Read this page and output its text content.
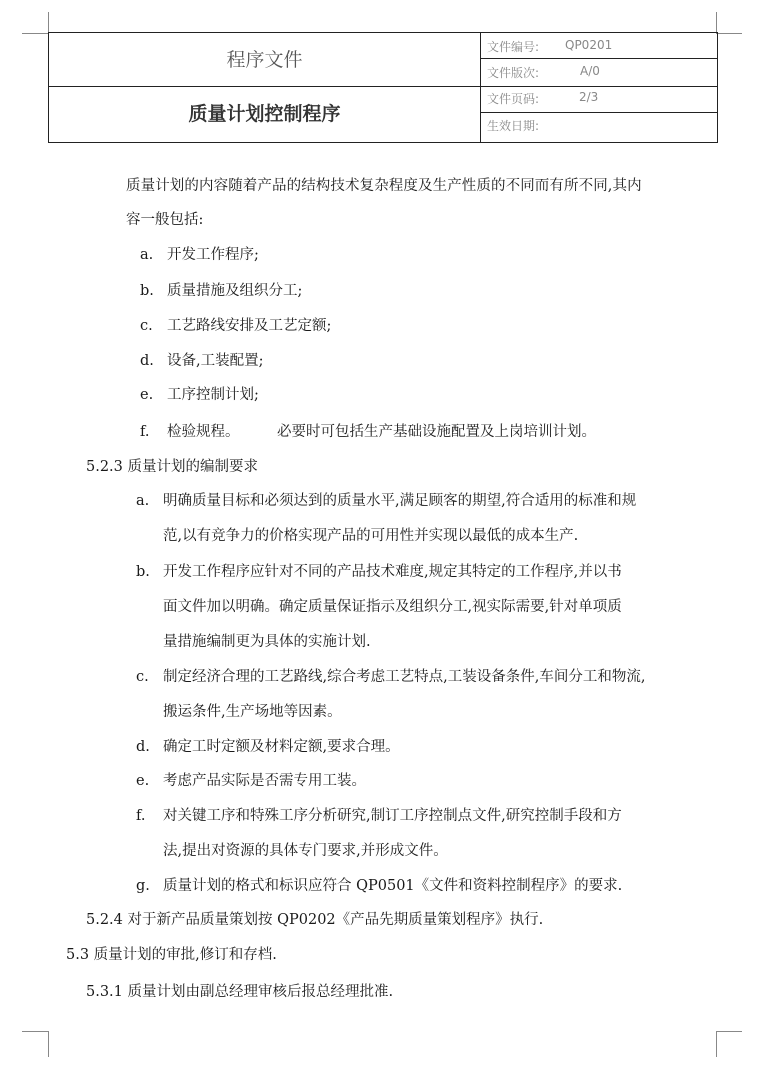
程序文件
质量计划控制程序
文件编号: QP0201
文件版次:	A/0
文件页码:	2/3
生效日期:
质量计划的内容随着产品的结构技术复杂程度及生产性质的不同而有所不同,其内
容一般包括:
a. 开发工作程序;
b. 质量措施及组织分工;
c. 工艺路线安排及工艺定额;
d. 设备,工装配置;
e. 工序控制计划;
f. 检验规程。	必要时可包括生产基础设施配置及上岗培训计划。
5.2.3 质量计划的编制要求
a. 明确质量目标和必须达到的质量水平,满足顾客的期望,符合适用的标准和规
范,以有竞争力的价格实现产品的可用性并实现以最低的成本生产.
b. 开发工作程序应针对不同的产品技术难度,规定其特定的工作程序,并以书
面文件加以明确。确定质量保证指示及组织分工,视实际需要,针对单项质
量措施编制更为具体的实施计划.
c. 制定经济合理的工艺路线,综合考虑工艺特点,工装设备条件,车间分工和物流,
搬运条件,生产场地等因素。
d. 确定工时定额及材料定额,要求合理。
e. 考虑产品实际是否需专用工装。
f. 对关键工序和特殊工序分析研究,制订工序控制点文件,研究控制手段和方
法,提出对资源的具体专门要求,并形成文件。
g. 质量计划的格式和标识应符合 QP0501《文件和资料控制程序》的要求.
5.2.4 对于新产品质量策划按 QP0202《产品先期质量策划程序》执行.
5.3 质量计划的审批,修订和存档.
5.3.1 质量计划由副总经理审核后报总经理批准.
